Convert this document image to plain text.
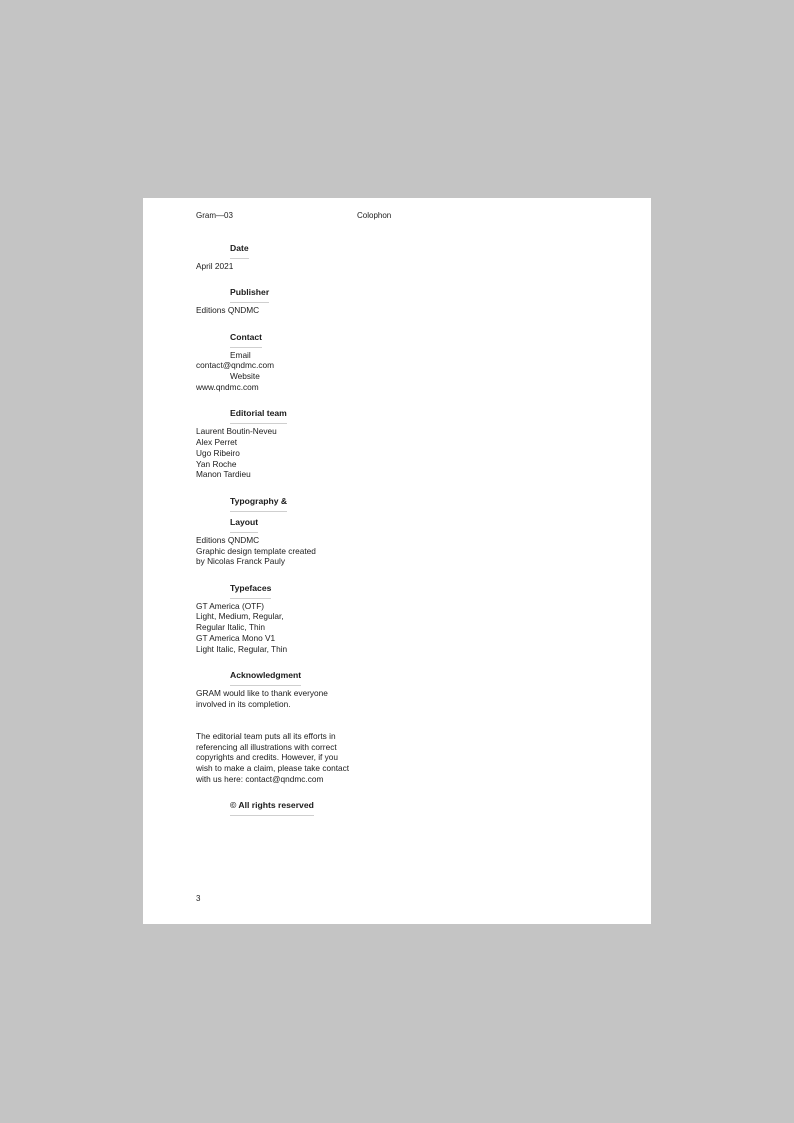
Gram—03	Colophon
Date
April 2021
Publisher
Editions QNDMC
Contact
Email
contact@qndmc.com
Website
www.qndmc.com
Editorial team
Laurent Boutin-Neveu
Alex Perret
Ugo Ribeiro
Yan Roche
Manon Tardieu
Typography &
Layout
Editions QNDMC
Graphic design template created
by Nicolas Franck Pauly
Typefaces
GT America (OTF)
Light, Medium, Regular,
Regular Italic, Thin
GT America Mono V1
Light Italic, Regular, Thin
Acknowledgment
GRAM would like to thank everyone
involved in its completion.
The editorial team puts all its efforts in
referencing all illustrations with correct
copyrights and credits. However, if you
wish to make a claim, please take contact
with us here: contact@qndmc.com
© All rights reserved
3
